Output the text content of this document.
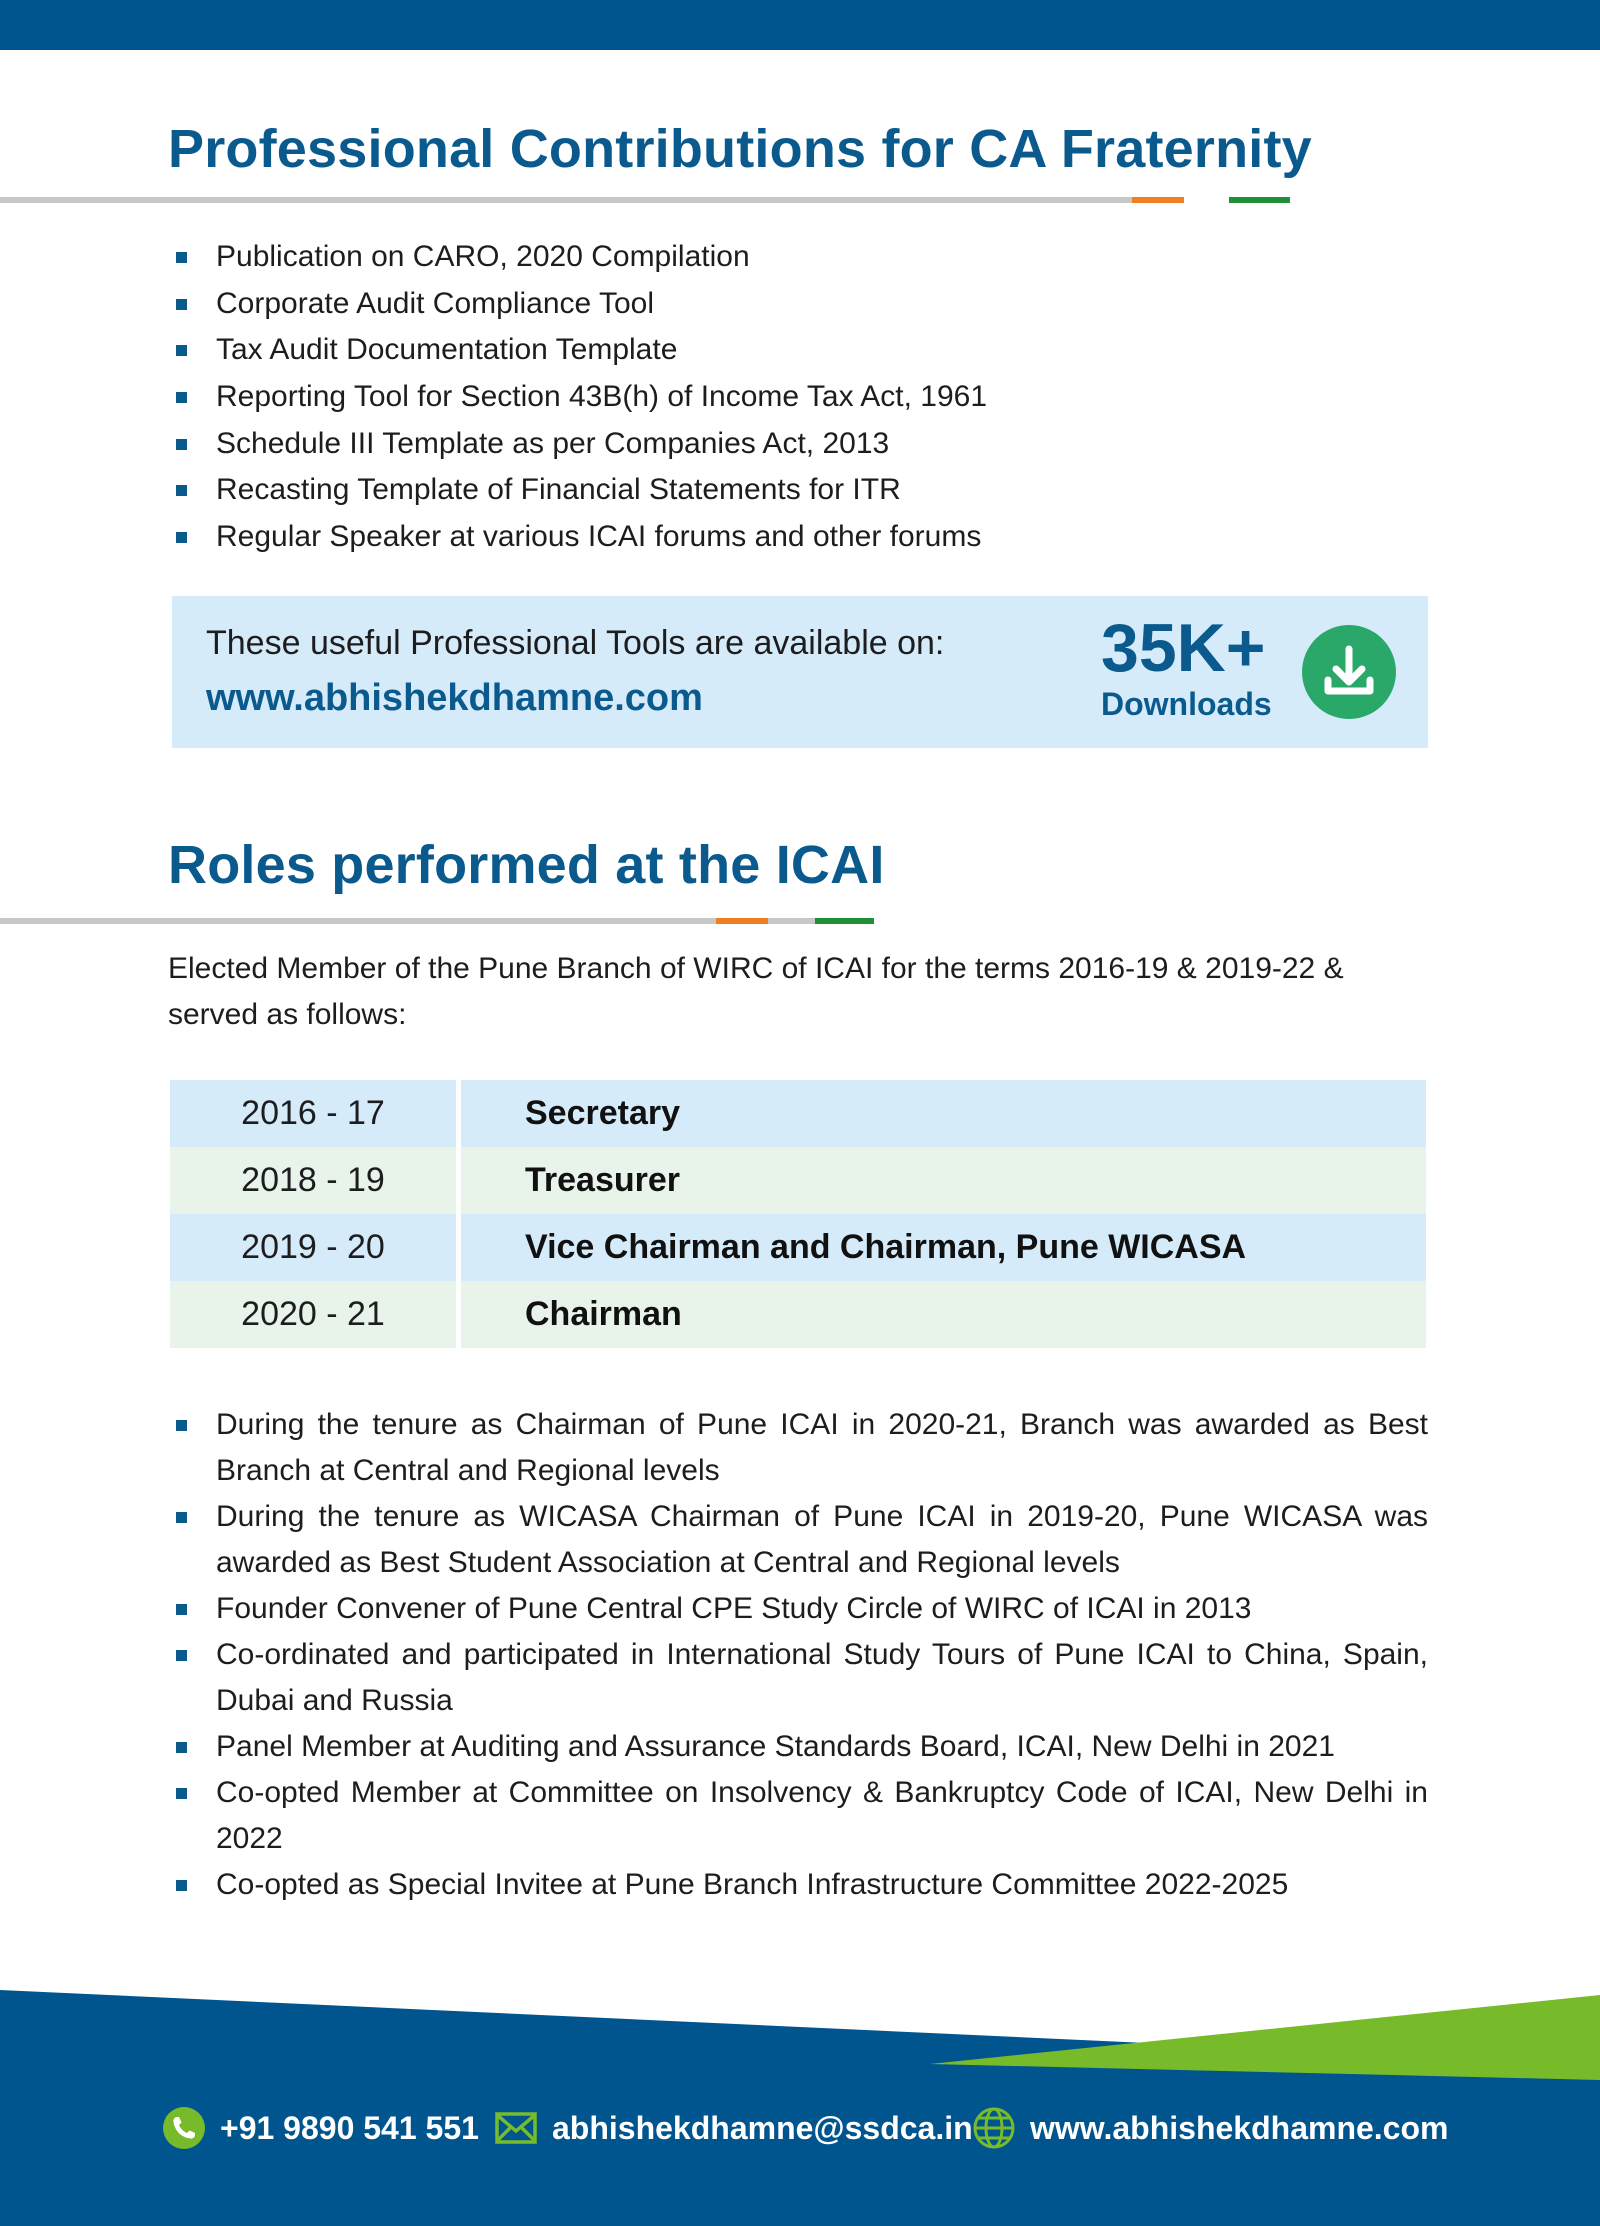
Professional Contributions for CA Fraternity
Publication on CARO, 2020 Compilation
Corporate Audit Compliance Tool
Tax Audit Documentation Template
Reporting Tool for Section 43B(h) of Income Tax Act, 1961
Schedule III Template as per Companies Act, 2013
Recasting Template of Financial Statements for ITR
Regular Speaker at various ICAI forums and other forums
These useful Professional Tools are available on:
www.abhishekdhamne.com
35K+
Downloads
Roles performed at the ICAI

Elected Member of the Pune Branch of WIRC of ICAI for the terms 2016-19 & 2019-22 & served as follows:

2016 - 17	Secretary
2018 - 19	Treasurer
2019 - 20	Vice Chairman and Chairman, Pune WICASA
2020 - 21	Chairman
During the tenure as Chairman of Pune ICAI in 2020-21, Branch was awarded as Best Branch at Central and Regional levels
During the tenure as WICASA Chairman of Pune ICAI in 2019-20, Pune WICASA was awarded as Best Student Association at Central and Regional levels
Founder Convener of Pune Central CPE Study Circle of WIRC of ICAI in 2013
Co-ordinated and participated in International Study Tours of Pune ICAI to China, Spain, Dubai and Russia
Panel Member at Auditing and Assurance Standards Board, ICAI, New Delhi in 2021
Co-opted Member at Committee on Insolvency & Bankruptcy Code of ICAI, New Delhi in 2022
Co-opted as Special Invitee at Pune Branch Infrastructure Committee 2022-2025
+91 9890 541 551 abhishekdhamne@ssdca.in www.abhishekdhamne.com
